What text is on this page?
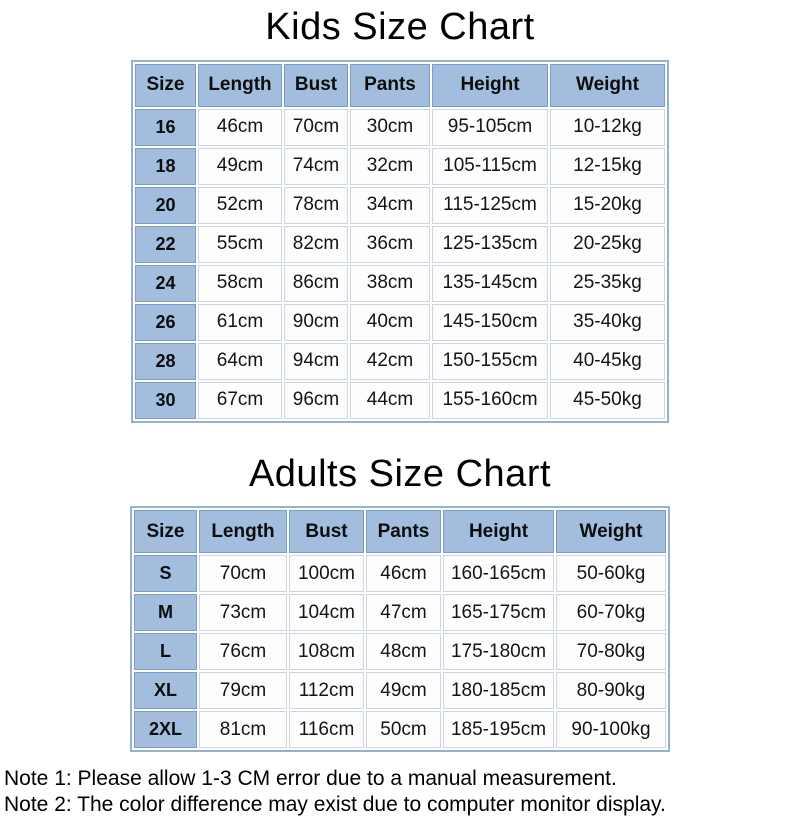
Kids Size Chart
Size	Length	Bust	Pants	Height	Weight
16	46cm	70cm	30cm	95-105cm	10-12kg
18	49cm	74cm	32cm	105-115cm	12-15kg
20	52cm	78cm	34cm	115-125cm	15-20kg
22	55cm	82cm	36cm	125-135cm	20-25kg
24	58cm	86cm	38cm	135-145cm	25-35kg
26	61cm	90cm	40cm	145-150cm	35-40kg
28	64cm	94cm	42cm	150-155cm	40-45kg
30	67cm	96cm	44cm	155-160cm	45-50kg
Adults Size Chart
Size	Length	Bust	Pants	Height	Weight
S	70cm	100cm	46cm	160-165cm	50-60kg
M	73cm	104cm	47cm	165-175cm	60-70kg
L	76cm	108cm	48cm	175-180cm	70-80kg
XL	79cm	112cm	49cm	180-185cm	80-90kg
2XL	81cm	116cm	50cm	185-195cm	90-100kg

Note 1: Please allow 1-3 CM error due to a manual measurement.

Note 2: The color difference may exist due to computer monitor display.
